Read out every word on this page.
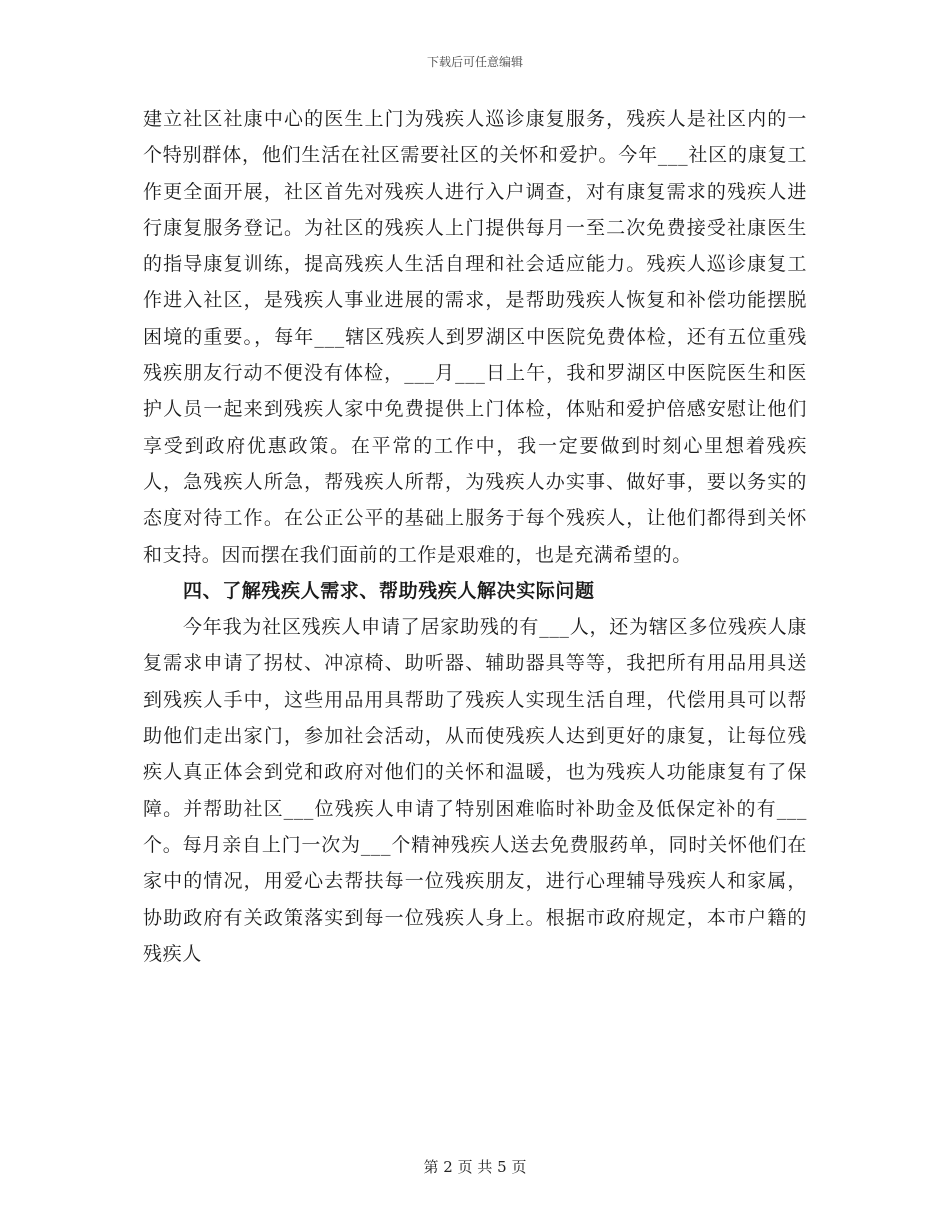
下载后可任意编辑

建立社区社康中心的医生上门为残疾人巡诊康复服务，残疾人是社区内的一个特别群体，他们生活在社区需要社区的关怀和爱护。今年___社区的康复工作更全面开展，社区首先对残疾人进行入户调查，对有康复需求的残疾人进行康复服务登记。为社区的残疾人上门提供每月一至二次免费接受社康医生的指导康复训练，提高残疾人生活自理和社会适应能力。残疾人巡诊康复工作进入社区，是残疾人事业进展的需求，是帮助残疾人恢复和补偿功能摆脱困境的重要。，每年___辖区残疾人到罗湖区中医院免费体检，还有五位重残残疾朋友行动不便没有体检，___月___日上午，我和罗湖区中医院医生和医护人员一起来到残疾人家中免费提供上门体检，体贴和爱护倍感安慰让他们享受到政府优惠政策。在平常的工作中，我一定要做到时刻心里想着残疾人，急残疾人所急，帮残疾人所帮，为残疾人办实事、做好事，要以务实的态度对待工作。在公正公平的基础上服务于每个残疾人，让他们都得到关怀和支持。因而摆在我们面前的工作是艰难的，也是充满希望的。

四、了解残疾人需求、帮助残疾人解决实际问题

今年我为社区残疾人申请了居家助残的有___人，还为辖区多位残疾人康复需求申请了拐杖、冲凉椅、助听器、辅助器具等等，我把所有用品用具送到残疾人手中，这些用品用具帮助了残疾人实现生活自理，代偿用具可以帮助他们走出家门，参加社会活动，从而使残疾人达到更好的康复，让每位残疾人真正体会到党和政府对他们的关怀和温暖，也为残疾人功能康复有了保障。并帮助社区___位残疾人申请了特别困难临时补助金及低保定补的有___个。每月亲自上门一次为___个精神残疾人送去免费服药单，同时关怀他们在家中的情况，用爱心去帮扶每一位残疾朋友，进行心理辅导残疾人和家属，协助政府有关政策落实到每一位残疾人身上。根据市政府规定，本市户籍的残疾人

第 2 页 共 5 页
